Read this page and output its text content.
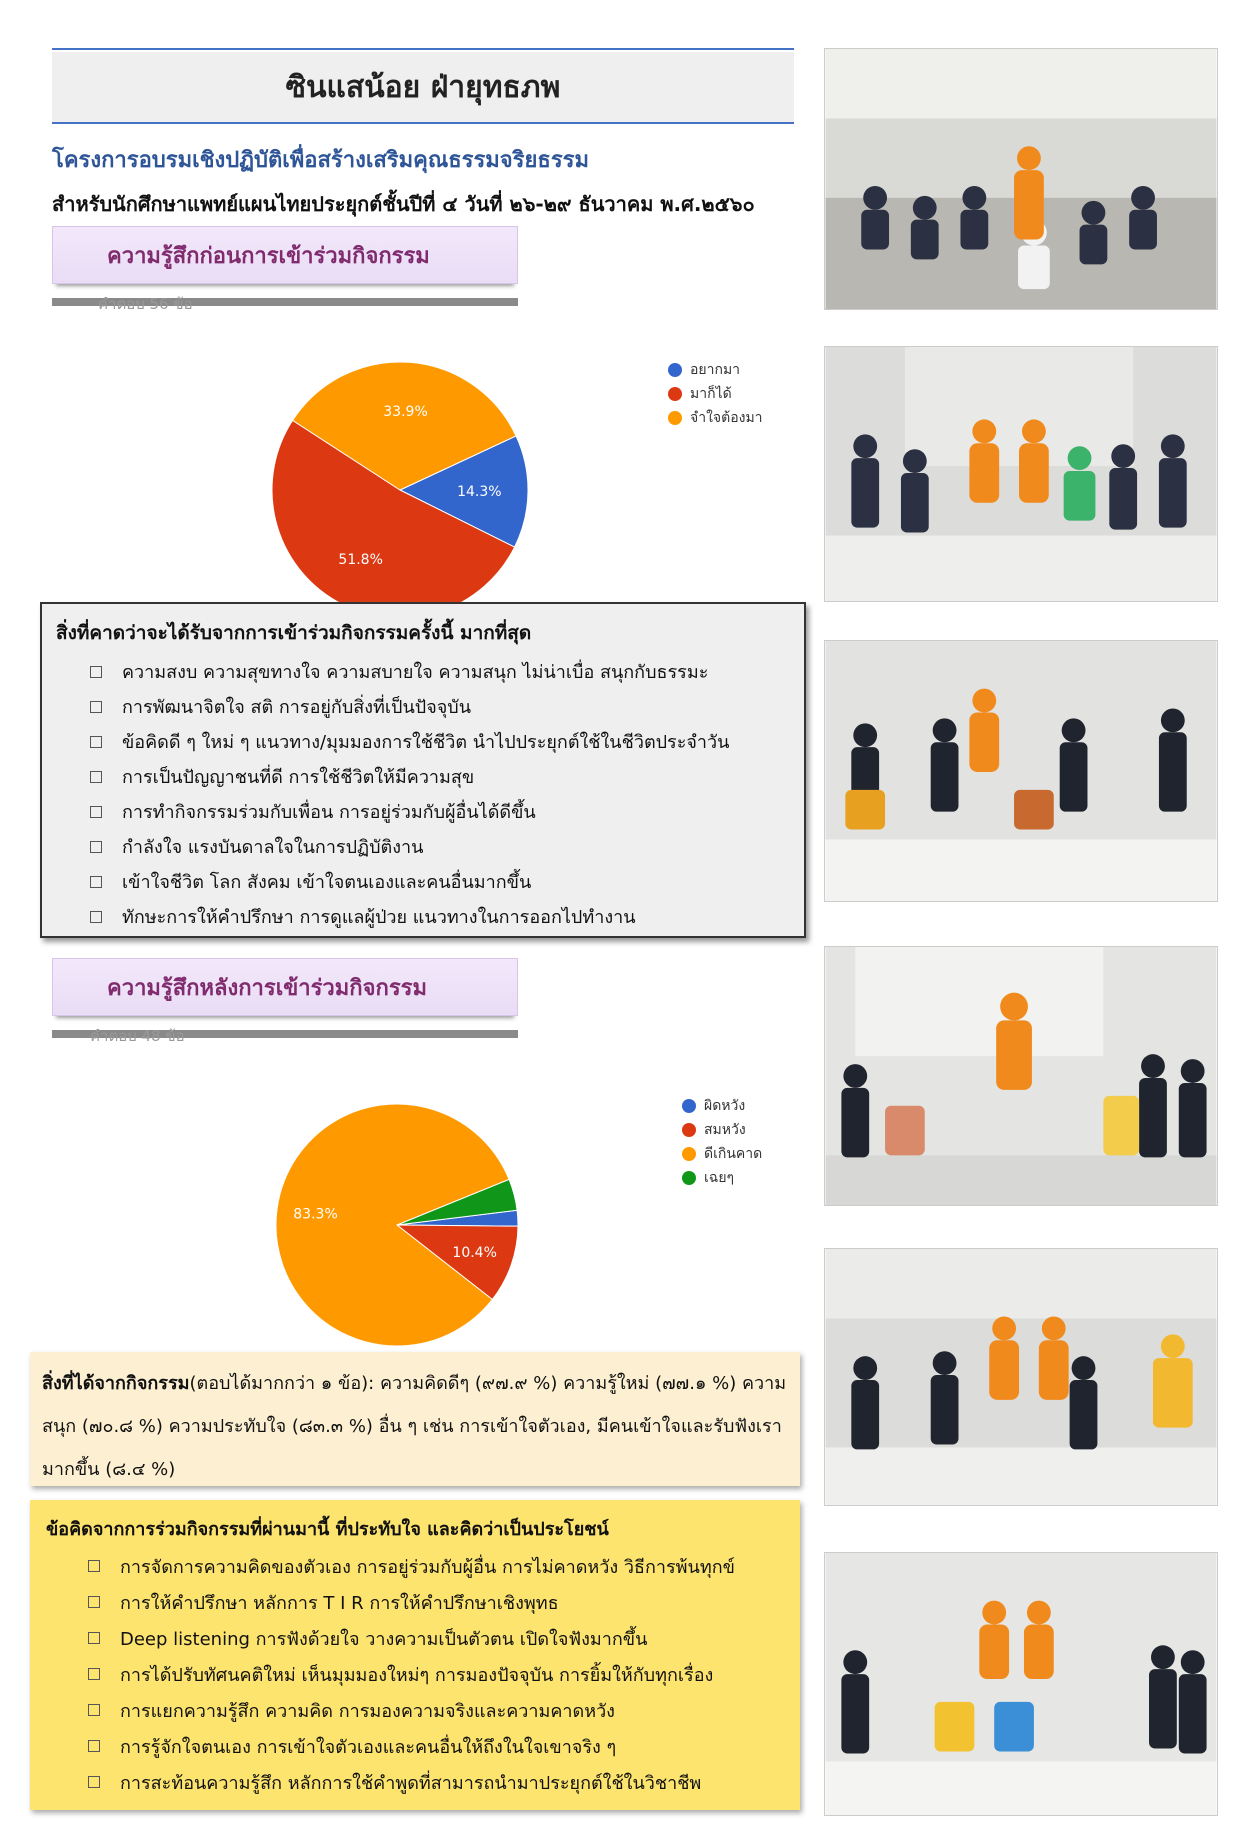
ซินแสน้อย ฝ่ายุทธภพ
โครงการอบรมเชิงปฏิบัติเพื่อสร้างเสริมคุณธรรมจริยธรรม
สำหรับนักศึกษาแพทย์แผนไทยประยุกต์ชั้นปีที่ ๔ วันที่ ๒๖-๒๙ ธันวาคม พ.ศ.๒๕๖๐
ความรู้สึกก่อนการเข้าร่วมกิจกรรม
คำตอบ 56 ข้อ
14.3%
51.8%
33.9%
อยากมา
มาก็ได้
จำใจต้องมา
สิ่งที่คาดว่าจะได้รับจากการเข้าร่วมกิจกรรมครั้งนี้ มากที่สุด
ความสงบ ความสุขทางใจ ความสบายใจ ความสนุก ไม่น่าเบื่อ สนุกกับธรรมะ
การพัฒนาจิตใจ สติ การอยู่กับสิ่งที่เป็นปัจจุบัน
ข้อคิดดี ๆ ใหม่ ๆ แนวทาง/มุมมองการใช้ชีวิต นำไปประยุกต์ใช้ในชีวิตประจำวัน
การเป็นปัญญาชนที่ดี การใช้ชีวิตให้มีความสุข
การทำกิจกรรมร่วมกับเพื่อน การอยู่ร่วมกับผู้อื่นได้ดีขึ้น
กำลังใจ แรงบันดาลใจในการปฏิบัติงาน
เข้าใจชีวิต โลก สังคม เข้าใจตนเองและคนอื่นมากขึ้น
ทักษะการให้คำปรึกษา การดูแลผู้ป่วย แนวทางในการออกไปทำงาน
ความรู้สึกหลังการเข้าร่วมกิจกรรม
คำตอบ 48 ข้อ
10.4%
83.3%
ผิดหวัง
สมหวัง
ดีเกินคาด
เฉยๆ
สิ่งที่ได้จากกิจกรรม(ตอบได้มากกว่า ๑ ข้อ): ความคิดดีๆ (๙๗.๙ %) ความรู้ใหม่ (๗๗.๑ %) ความสนุก (๗๐.๘ %) ความประทับใจ (๘๓.๓ %) อื่น ๆ เช่น การเข้าใจตัวเอง, มีคนเข้าใจและรับฟังเรามากขึ้น (๘.๔ %)
ข้อคิดจากการร่วมกิจกรรมที่ผ่านมานี้ ที่ประทับใจ และคิดว่าเป็นประโยชน์
การจัดการความคิดของตัวเอง การอยู่ร่วมกับผู้อื่น การไม่คาดหวัง วิธีการพ้นทุกข์
การให้คำปรึกษา หลักการ T I R การให้คำปรึกษาเชิงพุทธ
Deep listening การฟังด้วยใจ วางความเป็นตัวตน เปิดใจฟังมากขึ้น
การได้ปรับทัศนคติใหม่ เห็นมุมมองใหม่ๆ การมองปัจจุบัน การยิ้มให้กับทุกเรื่อง
การแยกความรู้สึก ความคิด การมองความจริงและความคาดหวัง
การรู้จักใจตนเอง การเข้าใจตัวเองและคนอื่นให้ถึงในใจเขาจริง ๆ
การสะท้อนความรู้สึก หลักการใช้คำพูดที่สามารถนำมาประยุกต์ใช้ในวิชาชีพ
